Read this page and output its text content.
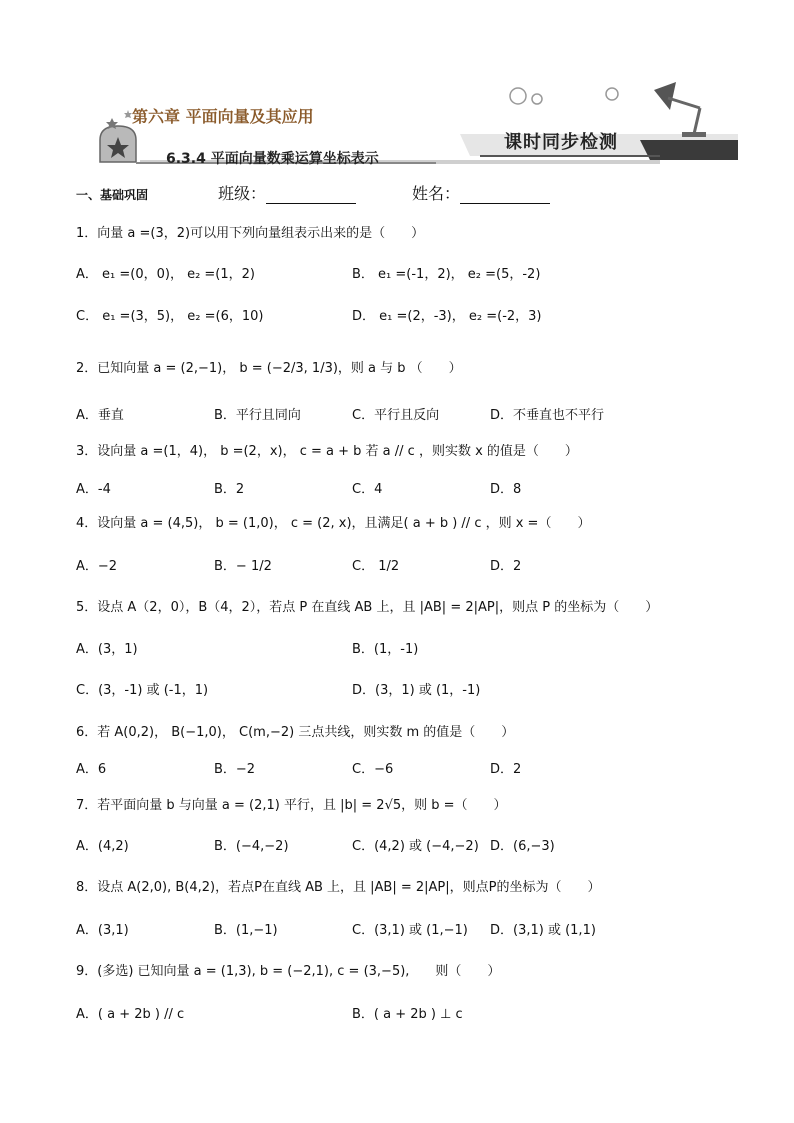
第六章 平面向量及其应用
6.3.4 平面向量数乘运算坐标表示
课时同步检测
一、基础巩固	班级：	姓名：
1．向量 a =(3，2)可以用下列向量组表示出来的是（　　）
A． e₁ =(0，0)， e₂ =(1，2)	B． e₁ =(-1，2)， e₂ =(5，-2)
C． e₁ =(3，5)， e₂ =(6，10)	D． e₁ =(2，-3)， e₂ =(-2，3)
2．已知向量 a = (2,−1)， b = (−2/3, 1/3)，则 a 与 b （　　）
A．垂直	B．平行且同向	C．平行且反向	D．不垂直也不平行
3．设向量 a =(1，4)， b =(2，x)， c = a + b 若 a // c ，则实数 x 的值是（　　）
A．-4	B．2	C．4	D．8
4．设向量 a = (4,5)， b = (1,0)， c = (2, x)，且满足( a + b ) // c ，则 x =（　　）
A．−2	B．− 1/2	C． 1/2	D．2
5．设点 A（2，0），B（4，2），若点 P 在直线 AB 上，且 |AB| = 2|AP|，则点 P 的坐标为（　　）
A．(3，1)	B．(1，-1)
C．(3，-1) 或 (-1，1)	D．(3，1) 或 (1，-1)
6．若 A(0,2)， B(−1,0)， C(m,−2) 三点共线，则实数 m 的值是（　　）
A．6	B．−2	C．−6	D．2
7．若平面向量 b 与向量 a = (2,1) 平行，且 |b| = 2√5，则 b =（　　）
A．(4,2)	B．(−4,−2)	C．(4,2) 或 (−4,−2) D．(6,−3)
8．设点 A(2,0), B(4,2)，若点P在直线 AB 上，且 |AB| = 2|AP|，则点P的坐标为（　　）
A．(3,1)	B．(1,−1)	C．(3,1) 或 (1,−1) D．(3,1) 或 (1,1)
9．(多选) 已知向量 a = (1,3), b = (−2,1), c = (3,−5),　　则（　　）
A．( a + 2b ) // c	B．( a + 2b ) ⊥ c
